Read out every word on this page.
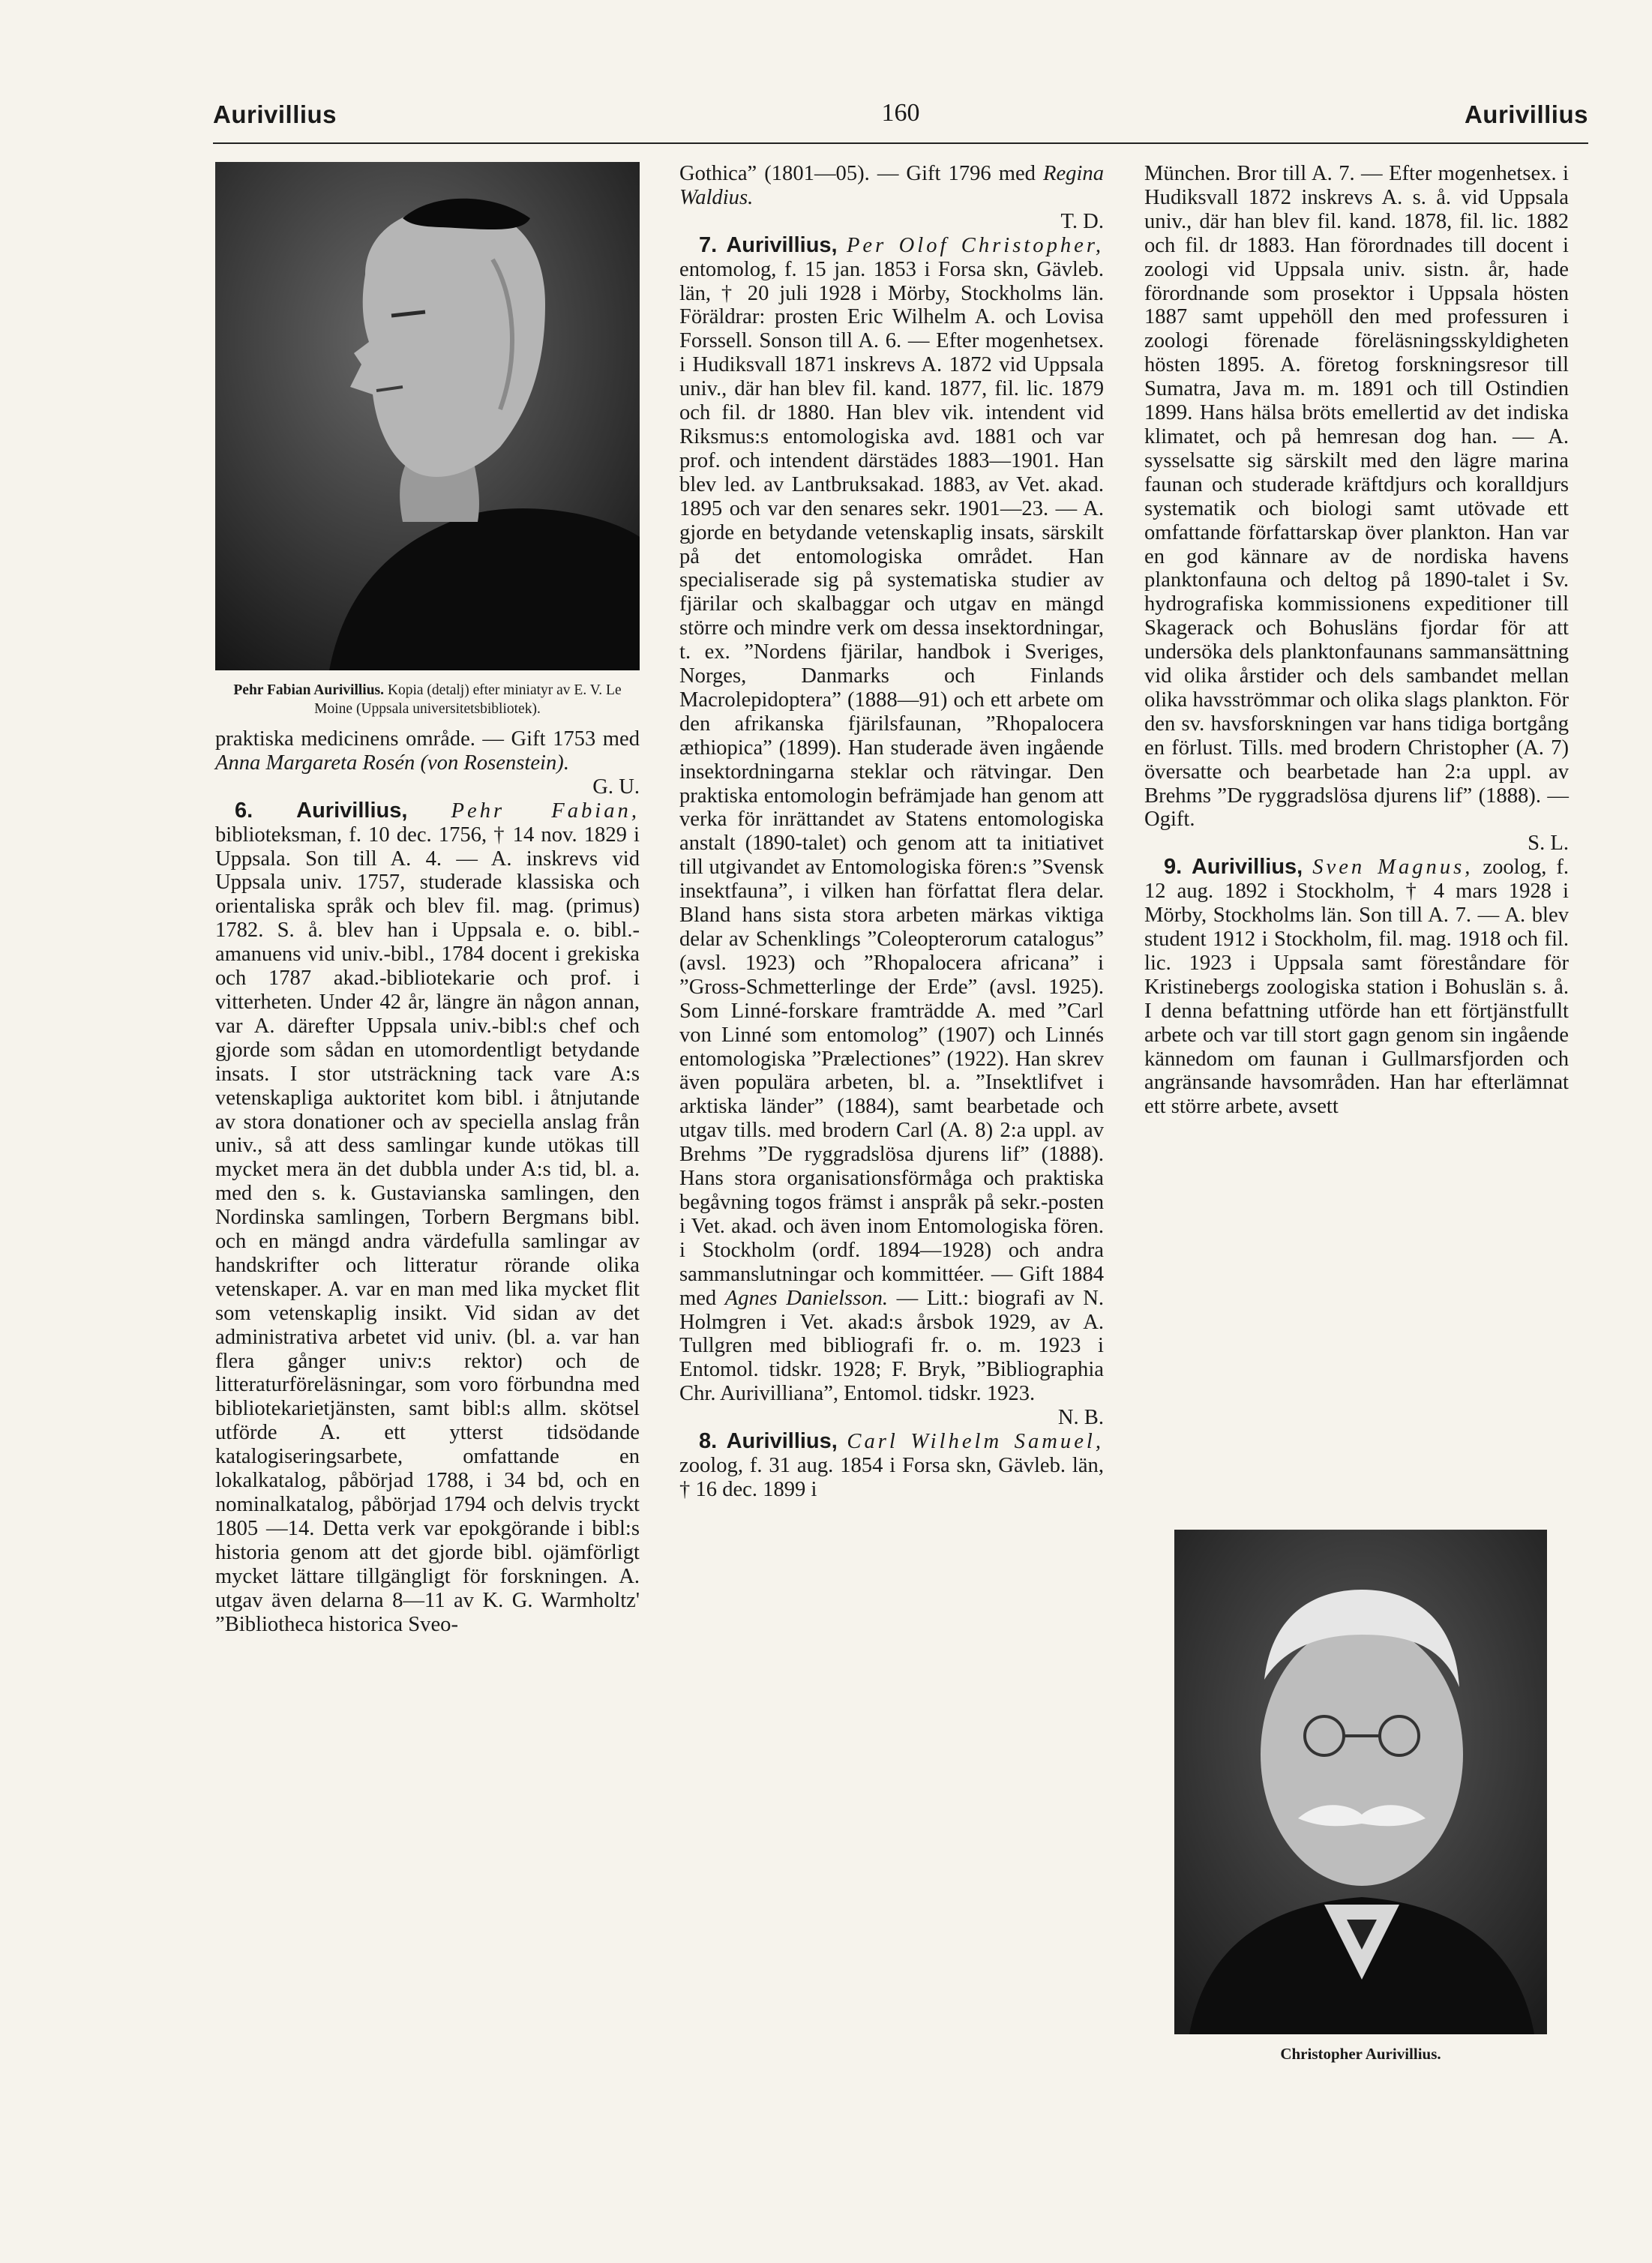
Aurivillius	160	Aurivillius
Pehr Fabian Aurivillius. Kopia (detalj) efter miniatyr av E. V. Le Moine (Uppsala universitetsbibliotek).

praktiska medicinens område. — Gift 1753 med Anna Margareta Rosén (von Rosenstein).

G. U.

6. Aurivillius, Pehr Fabian, biblioteksman, f. 10 dec. 1756, † 14 nov. 1829 i Uppsala. Son till A. 4. — A. inskrevs vid Uppsala univ. 1757, studerade klassiska och orientaliska språk och blev fil. mag. (primus) 1782. S. å. blev han i Uppsala e. o. bibl.-amanuens vid univ.-bibl., 1784 docent i grekiska och 1787 akad.-bibliotekarie och prof. i vitterheten. Under 42 år, längre än någon annan, var A. därefter Uppsala univ.-bibl:s chef och gjorde som sådan en utomordentligt betydande insats. I stor utsträckning tack vare A:s vetenskapliga auktoritet kom bibl. i åtnjutande av stora donationer och av speciella anslag från univ., så att dess samlingar kunde utökas till mycket mera än det dubbla under A:s tid, bl. a. med den s. k. Gustavianska samlingen, den Nordinska samlingen, Torbern Bergmans bibl. och en mängd andra värdefulla samlingar av handskrifter och litteratur rörande olika vetenskaper. A. var en man med lika mycket flit som vetenskaplig insikt. Vid sidan av det administrativa arbetet vid univ. (bl. a. var han flera gånger univ:s rektor) och de litteraturföreläsningar, som voro förbundna med bibliotekarietjänsten, samt bibl:s allm. skötsel utförde A. ett ytterst tidsödande katalogiseringsarbete, omfattande en lokalkatalog, påbörjad 1788, i 34 bd, och en nominalkatalog, påbörjad 1794 och delvis tryckt 1805 —14. Detta verk var epokgörande i bibl:s historia genom att det gjorde bibl. ojämförligt mycket lättare tillgängligt för forskningen. A. utgav även delarna 8—11 av K. G. Warmholtz' ”Bibliotheca historica Sveo-

Gothica” (1801—05). — Gift 1796 med Regina Waldius.

T. D.

7. Aurivillius, Per Olof Christopher, entomolog, f. 15 jan. 1853 i Forsa skn, Gävleb. län, † 20 juli 1928 i Mörby, Stockholms län. Föräldrar: prosten Eric Wilhelm A. och Lovisa Forssell. Sonson till A. 6. — Efter mogenhetsex. i Hudiksvall 1871 inskrevs A. 1872 vid Uppsala univ., där han blev fil. kand. 1877, fil. lic. 1879 och fil. dr 1880. Han blev vik. intendent vid Riksmus:s entomologiska avd. 1881 och var prof. och intendent därstädes 1883—1901. Han blev led. av Lantbruksakad. 1883, av Vet. akad. 1895 och var den senares sekr. 1901—23. — A. gjorde en betydande vetenskaplig insats, särskilt på det entomologiska området. Han specialiserade sig på systematiska studier av fjärilar och skalbaggar och utgav en mängd större och mindre verk om dessa insektordningar, t. ex. ”Nordens fjärilar, handbok i Sveriges, Norges, Danmarks och Finlands Macrolepidoptera” (1888—91) och ett arbete om den afrikanska fjärilsfaunan, ”Rhopalocera æthiopica” (1899). Han studerade även ingående insektordningarna steklar och rätvingar. Den praktiska entomologin befrämjade han genom att verka för inrättandet av Statens entomologiska anstalt (1890-talet) och genom att ta initiativet till utgivandet av Entomologiska fören:s ”Svensk insektfauna”, i vilken han författat flera delar. Bland hans sista stora arbeten märkas viktiga delar av Schenklings ”Coleopterorum catalogus” (avsl. 1923) och ”Rhopalocera africana” i ”Gross-Schmetterlinge der Erde” (avsl. 1925). Som Linné-forskare framträdde A. med ”Carl von Linné som entomolog” (1907) och Linnés entomologiska ”Prælectiones” (1922). Han skrev även populära arbeten, bl. a. ”Insektlifvet i arktiska länder” (1884), samt bearbetade och utgav tills. med brodern Carl (A. 8) 2:a uppl. av Brehms ”De ryggradslösa djurens lif” (1888). Hans stora organisationsförmåga och praktiska begåvning togos främst i anspråk på sekr.-posten i Vet. akad. och även inom Entomologiska fören. i Stockholm (ordf. 1894—1928) och andra sammanslutningar och kommittéer. — Gift 1884 med Agnes Danielsson. — Litt.: biografi av N. Holmgren i Vet. akad:s årsbok 1929, av A. Tullgren med bibliografi fr. o. m. 1923 i Entomol. tidskr. 1928; F. Bryk, ”Bibliographia Chr. Aurivilliana”, Entomol. tidskr. 1923.

N. B.

8. Aurivillius, Carl Wilhelm Samuel, zoolog, f. 31 aug. 1854 i Forsa skn, Gävleb. län, † 16 dec. 1899 i

München. Bror till A. 7. — Efter mogenhetsex. i Hudiksvall 1872 inskrevs A. s. å. vid Uppsala univ., där han blev fil. kand. 1878, fil. lic. 1882 och fil. dr 1883. Han förordnades till docent i zoologi vid Uppsala univ. sistn. år, hade förordnande som prosektor i Uppsala hösten 1887 samt uppehöll den med professuren i zoologi förenade föreläsningsskyldigheten hösten 1895. A. företog forskningsresor till Sumatra, Java m. m. 1891 och till Ostindien 1899. Hans hälsa bröts emellertid av det indiska klimatet, och på hemresan dog han. — A. sysselsatte sig särskilt med den lägre marina faunan och studerade kräftdjurs och koralldjurs systematik och biologi samt utövade ett omfattande författarskap över plankton. Han var en god kännare av de nordiska havens planktonfauna och deltog på 1890-talet i Sv. hydrografiska kommissionens expeditioner till Skagerack och Bohusläns fjordar för att undersöka dels planktonfaunans sammansättning vid olika årstider och dels sambandet mellan olika havsströmmar och olika slags plankton. För den sv. havsforskningen var hans tidiga bortgång en förlust. Tills. med brodern Christopher (A. 7) översatte och bearbetade han 2:a uppl. av Brehms ”De ryggradslösa djurens lif” (1888). — Ogift.

S. L.

9. Aurivillius, Sven Magnus, zoolog, f. 12 aug. 1892 i Stockholm, † 4 mars 1928 i Mörby, Stockholms län. Son till A. 7. — A. blev student 1912 i Stockholm, fil. mag. 1918 och fil. lic. 1923 i Uppsala samt föreståndare för Kristinebergs zoologiska station i Bohuslän s. å. I denna befattning utförde han ett förtjänstfullt arbete och var till stort gagn genom sin ingående kännedom om faunan i Gullmarsfjorden och angränsande havsområden. Han har efterlämnat ett större arbete, avsett

Christopher Aurivillius.
